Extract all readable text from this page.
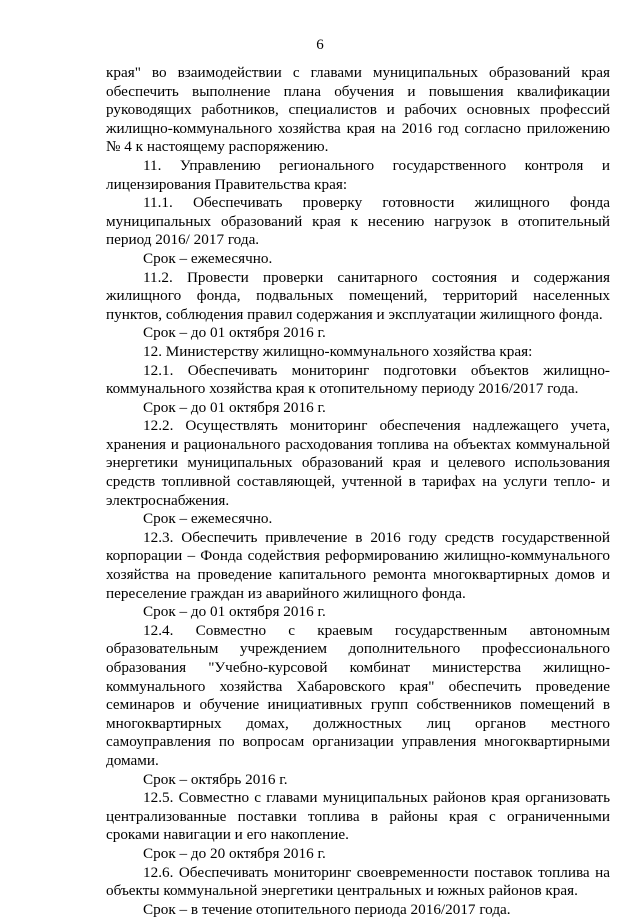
6

края" во взаимодействии с главами муниципальных образований края обеспечить выполнение плана обучения и повышения квалификации руководящих работников, специалистов и рабочих основных профессий жилищно-коммунального хозяйства края на 2016 год согласно приложению № 4 к настоящему распоряжению.

11. Управлению регионального государственного контроля и лицензирования Правительства края:

11.1. Обеспечивать проверку готовности жилищного фонда муниципальных образований края к несению нагрузок в отопительный период 2016/ 2017 года.

Срок – ежемесячно.

11.2. Провести проверки санитарного состояния и содержания жилищного фонда, подвальных помещений, территорий населенных пунктов, соблюдения правил содержания и эксплуатации жилищного фонда.

Срок – до 01 октября 2016 г.

12. Министерству жилищно-коммунального хозяйства края:

12.1. Обеспечивать мониторинг подготовки объектов жилищно-коммунального хозяйства края к отопительному периоду 2016/2017 года.

Срок – до 01 октября 2016 г.

12.2. Осуществлять мониторинг обеспечения надлежащего учета, хранения и рационального расходования топлива на объектах коммунальной энергетики муниципальных образований края и целевого использования средств топливной составляющей, учтенной в тарифах на услуги тепло- и электроснабжения.

Срок – ежемесячно.

12.3. Обеспечить привлечение в 2016 году средств государственной корпорации – Фонда содействия реформированию жилищно-коммунального хозяйства на проведение капитального ремонта многоквартирных домов и переселение граждан из аварийного жилищного фонда.

Срок – до 01 октября 2016 г.

12.4. Совместно с краевым государственным автономным образовательным учреждением дополнительного профессионального образования "Учебно-курсовой комбинат министерства жилищно-коммунального хозяйства Хабаровского края" обеспечить проведение семинаров и обучение инициативных групп собственников помещений в многоквартирных домах, должностных лиц органов местного самоуправления по вопросам организации управления многоквартирными домами.

Срок – октябрь 2016 г.

12.5. Совместно с главами муниципальных районов края организовать централизованные поставки топлива в районы края с ограниченными сроками навигации и его накопление.

Срок – до 20 октября 2016 г.

12.6. Обеспечивать мониторинг своевременности поставок топлива на объекты коммунальной энергетики центральных и южных районов края.

Срок – в течение отопительного периода 2016/2017 года.
